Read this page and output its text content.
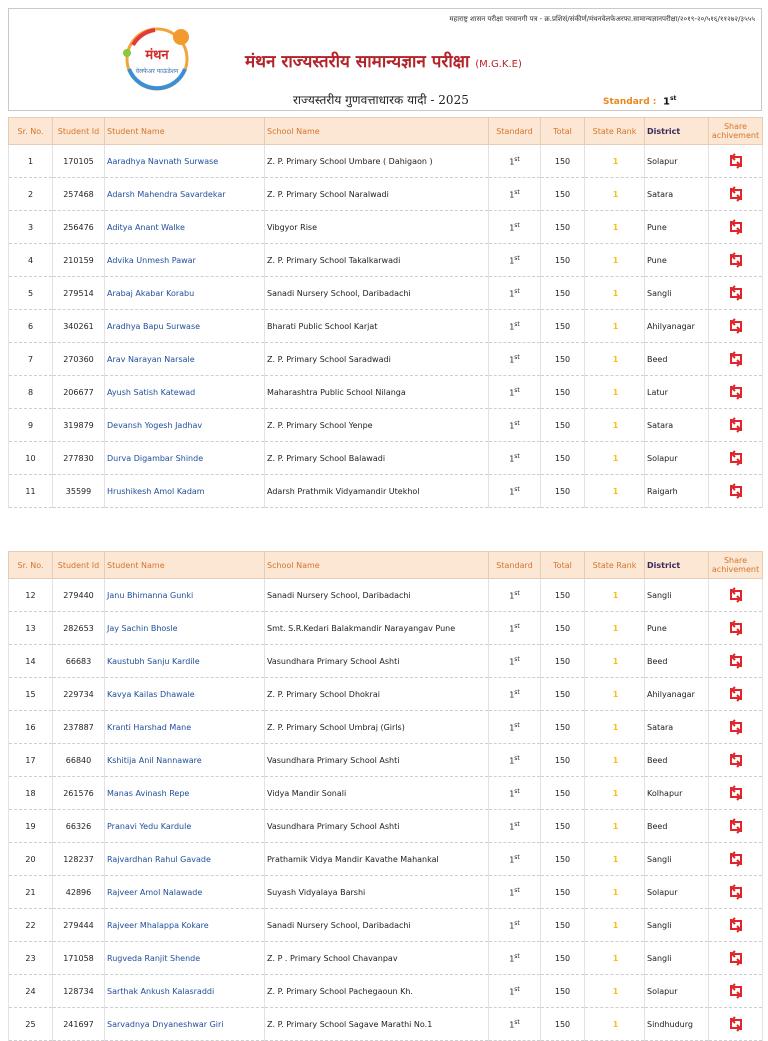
महाराष्ट्र शासन परीक्षा परवानगी पत्र - क्र.प्रशिसं/संकीर्ण/मंथनवेलफेअरफा.सामान्यज्ञानपरीक्षा/२०१९-२०/५१६/११२७२/३५५५
मंथन
वेलफेअर फाऊंडेशन	मंथन राज्यस्तरीय सामान्यज्ञान परीक्षा (M.G.K.E)
राज्यस्तरीय गुणवत्ताधारक यादी - 2025	Standard : 1st
Sr. No.	Student Id	Student Name	School Name	Standard	Total	State Rank	District	Share
achivement
1	170105	Aaradhya Navnath Surwase	Z. P. Primary School Umbare ( Dahigaon )	1st	150	1	Solapur	
2	257468	Adarsh Mahendra Savardekar	Z. P. Primary School Naralwadi	1st	150	1	Satara	
3	256476	Aditya Anant Walke	Vibgyor Rise	1st	150	1	Pune	
4	210159	Advika Unmesh Pawar	Z. P. Primary School Takalkarwadi	1st	150	1	Pune	
5	279514	Arabaj Akabar Korabu	Sanadi Nursery School, Daribadachi	1st	150	1	Sangli	
6	340261	Aradhya Bapu Surwase	Bharati Public School Karjat	1st	150	1	Ahilyanagar	
7	270360	Arav Narayan Narsale	Z. P. Primary School Saradwadi	1st	150	1	Beed	
8	206677	Ayush Satish Katewad	Maharashtra Public School Nilanga	1st	150	1	Latur	
9	319879	Devansh Yogesh Jadhav	Z. P. Primary School Yenpe	1st	150	1	Satara	
10	277830	Durva Digambar Shinde	Z. P. Primary School Balawadi	1st	150	1	Solapur	
11	35599	Hrushikesh Amol Kadam	Adarsh Prathmik Vidyamandir Utekhol	1st	150	1	Raigarh	
Sr. No.	Student Id	Student Name	School Name	Standard	Total	State Rank	District	Share
achivement
12	279440	Janu Bhimanna Gunki	Sanadi Nursery School, Daribadachi	1st	150	1	Sangli	
13	282653	Jay Sachin Bhosle	Smt. S.R.Kedari Balakmandir Narayangav Pune	1st	150	1	Pune	
14	66683	Kaustubh Sanju Kardile	Vasundhara Primary School Ashti	1st	150	1	Beed	
15	229734	Kavya Kailas Dhawale	Z. P. Primary School Dhokrai	1st	150	1	Ahilyanagar	
16	237887	Kranti Harshad Mane	Z. P. Primary School Umbraj (Girls)	1st	150	1	Satara	
17	66840	Kshitija Anil Nannaware	Vasundhara Primary School Ashti	1st	150	1	Beed	
18	261576	Manas Avinash Repe	Vidya Mandir Sonali	1st	150	1	Kolhapur	
19	66326	Pranavi Yedu Kardule	Vasundhara Primary School Ashti	1st	150	1	Beed	
20	128237	Rajvardhan Rahul Gavade	Prathamik Vidya Mandir Kavathe Mahankal	1st	150	1	Sangli	
21	42896	Rajveer Amol Nalawade	Suyash Vidyalaya Barshi	1st	150	1	Solapur	
22	279444	Rajveer Mhalappa Kokare	Sanadi Nursery School, Daribadachi	1st	150	1	Sangli	
23	171058	Rugveda Ranjit Shende	Z. P . Primary School Chavanpav	1st	150	1	Sangli	
24	128734	Sarthak Ankush Kalasraddi	Z. P. Primary School Pachegaoun Kh.	1st	150	1	Solapur	
25	241697	Sarvadnya Dnyaneshwar Giri	Z. P. Primary School Sagave Marathi No.1	1st	150	1	Sindhudurg	
